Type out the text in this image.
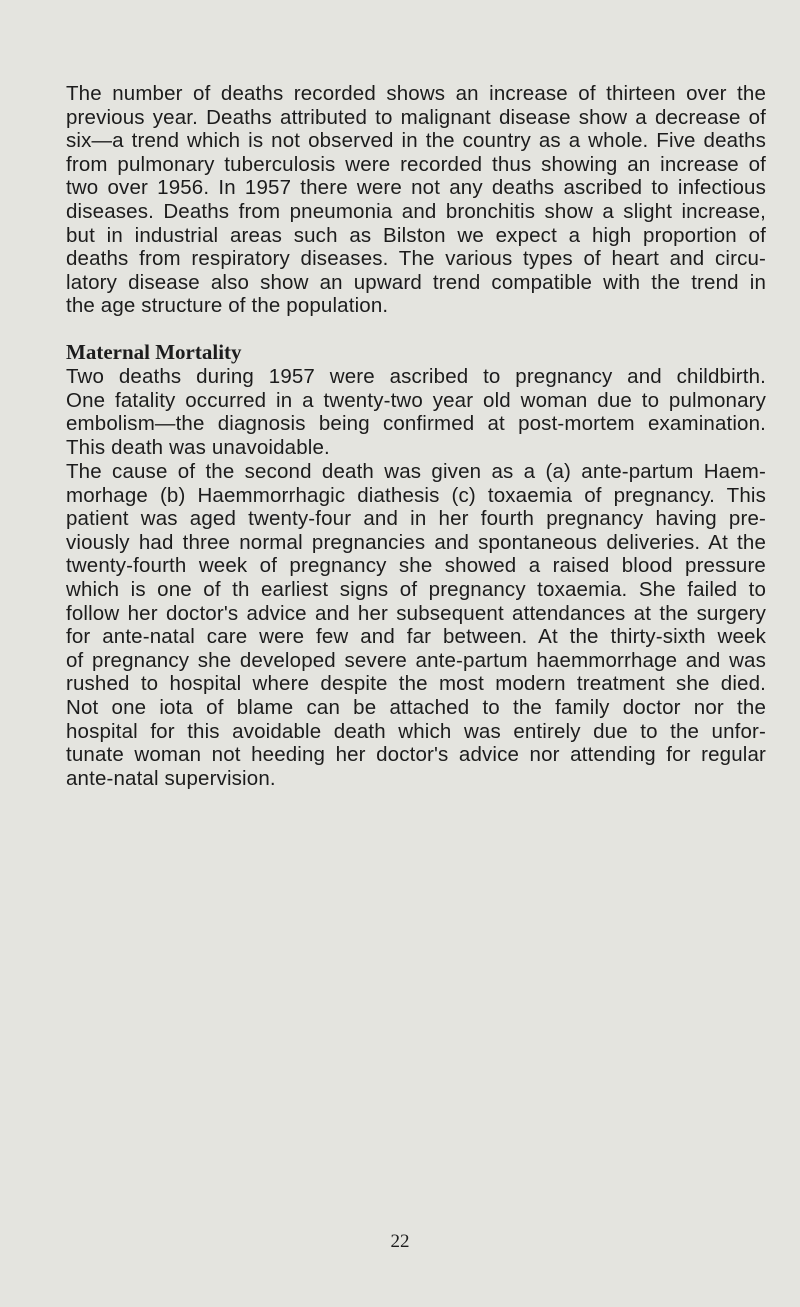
The number of deaths recorded shows an increase of thirteen over the
previous year. Deaths attributed to malignant disease show a decrease of
six—a trend which is not observed in the country as a whole. Five deaths
from pulmonary tuberculosis were recorded thus showing an increase of
two over 1956. In 1957 there were not any deaths ascribed to infectious
diseases. Deaths from pneumonia and bronchitis show a slight increase,
but in industrial areas such as Bilston we expect a high proportion of
deaths from respiratory diseases. The various types of heart and circu-
latory disease also show an upward trend compatible with the trend in
the age structure of the population.

Maternal Mortality

Two deaths during 1957 were ascribed to pregnancy and childbirth.
One fatality occurred in a twenty-two year old woman due to pulmonary
embolism—the diagnosis being confirmed at post-mortem examination.
This death was unavoidable.

The cause of the second death was given as a (a) ante-partum Haem-
morhage (b) Haemmorrhagic diathesis (c) toxaemia of pregnancy. This
patient was aged twenty-four and in her fourth pregnancy having pre-
viously had three normal pregnancies and spontaneous deliveries. At the
twenty-fourth week of pregnancy she showed a raised blood pressure
which is one of th earliest signs of pregnancy toxaemia. She failed to
follow her doctor's advice and her subsequent attendances at the surgery
for ante-natal care were few and far between. At the thirty-sixth week
of pregnancy she developed severe ante-partum haemmorrhage and was
rushed to hospital where despite the most modern treatment she died.
Not one iota of blame can be attached to the family doctor nor the
hospital for this avoidable death which was entirely due to the unfor-
tunate woman not heeding her doctor's advice nor attending for regular
ante-natal supervision.

22
